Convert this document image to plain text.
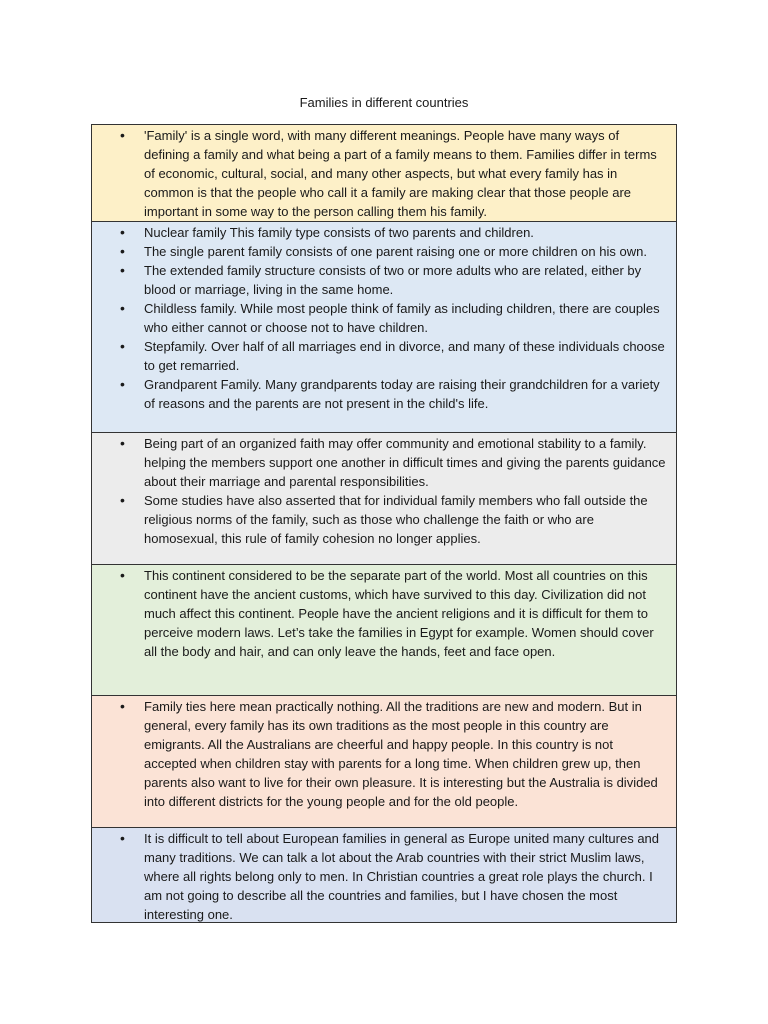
Families in different countries
• 'Family' is a single word, with many different meanings. People have many ways of defining a family and what being a part of a family means to them. Families differ in terms of economic, cultural, social, and many other aspects, but what every family has in common is that the people who call it a family are making clear that those people are important in some way to the person calling them his family.
• Nuclear family This family type consists of two parents and children.
• The single parent family consists of one parent raising one or more children on his own.
• The extended family structure consists of two or more adults who are related, either by blood or marriage, living in the same home.
• Childless family. While most people think of family as including children, there are couples who either cannot or choose not to have children.
• Stepfamily. Over half of all marriages end in divorce, and many of these individuals choose to get remarried.
• Grandparent Family. Many grandparents today are raising their grandchildren for a variety of reasons and the parents are not present in the child's life.
• Being part of an organized faith may offer community and emotional stability to a family. helping the members support one another in difficult times and giving the parents guidance about their marriage and parental responsibilities.
• Some studies have also asserted that for individual family members who fall outside the religious norms of the family, such as those who challenge the faith or who are homosexual, this rule of family cohesion no longer applies.
• This continent considered to be the separate part of the world. Most all countries on this continent have the ancient customs, which have survived to this day. Civilization did not much affect this continent. People have the ancient religions and it is difficult for them to perceive modern laws. Let’s take the families in Egypt for example. Women should cover all the body and hair, and can only leave the hands, feet and face open.
• Family ties here mean practically nothing. All the traditions are new and modern. But in general, every family has its own traditions as the most people in this country are emigrants. All the Australians are cheerful and happy people. In this country is not accepted when children stay with parents for a long time. When children grew up, then parents also want to live for their own pleasure. It is interesting but the Australia is divided into different districts for the young people and for the old people.
• It is difficult to tell about European families in general as Europe united many cultures and many traditions. We can talk a lot about the Arab countries with their strict Muslim laws, where all rights belong only to men. In Christian countries a great role plays the church. I am not going to describe all the countries and families, but I have chosen the most interesting one.
